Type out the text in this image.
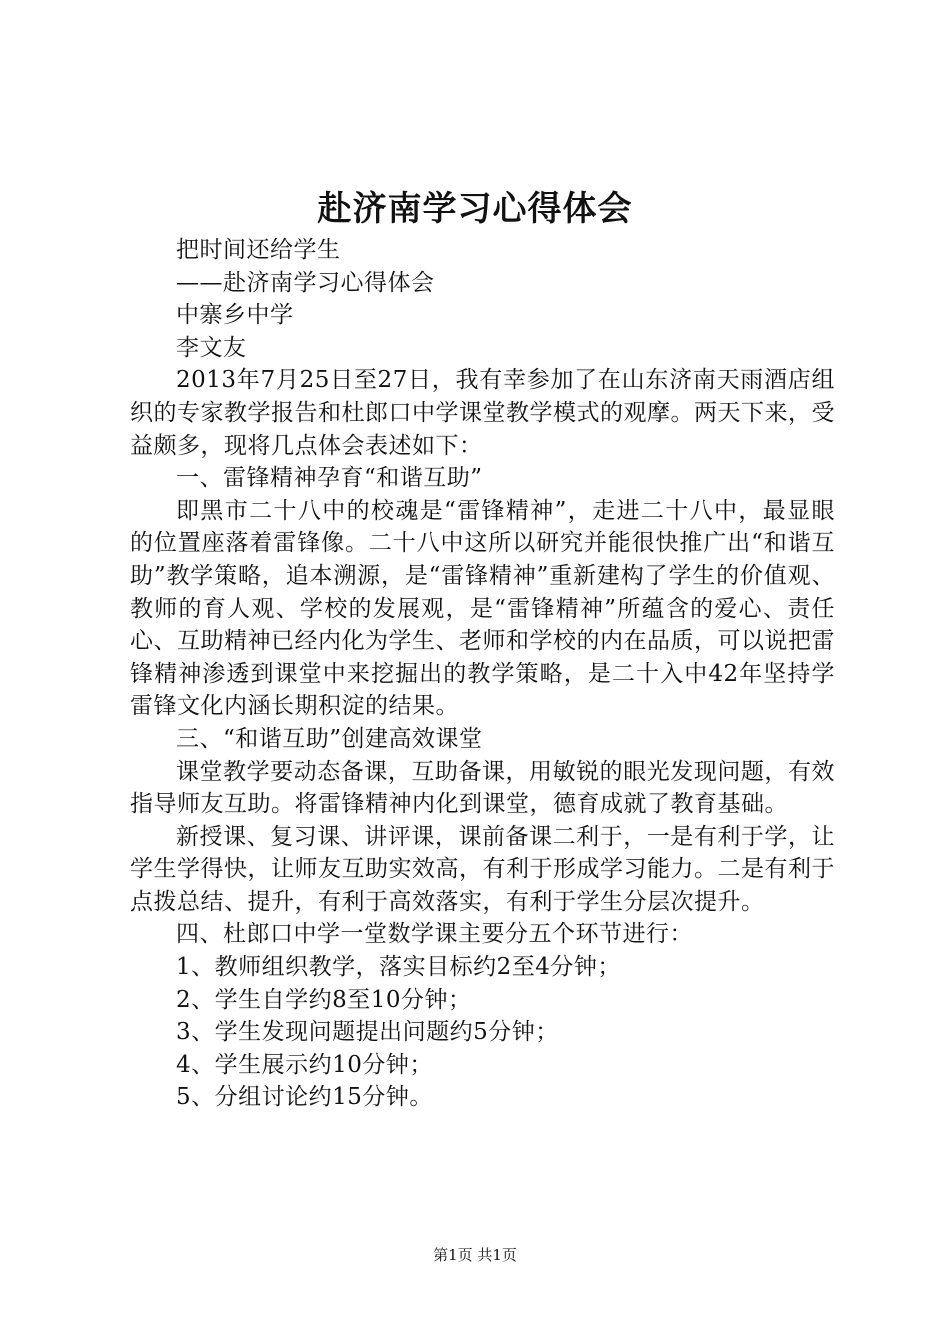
赴济南学习心得体会

把时间还给学生

——赴济南学习心得体会

中寨乡中学

李文友

2013年7月25日至27日，我有幸参加了在山东济南天雨酒店组织的专家教学报告和杜郎口中学课堂教学模式的观摩。两天下来，受益颇多，现将几点体会表述如下：

一、雷锋精神孕育“和谐互助”

即黑市二十八中的校魂是“雷锋精神”，走进二十八中，最显眼的位置座落着雷锋像。二十八中这所以研究并能很快推广出“和谐互助”教学策略，追本溯源，是“雷锋精神”重新建构了学生的价值观、教师的育人观、学校的发展观，是“雷锋精神”所蕴含的爱心、责任心、互助精神已经内化为学生、老师和学校的内在品质，可以说把雷锋精神渗透到课堂中来挖掘出的教学策略，是二十入中42年坚持学雷锋文化内涵长期积淀的结果。

三、“和谐互助”创建高效课堂

课堂教学要动态备课，互助备课，用敏锐的眼光发现问题，有效指导师友互助。将雷锋精神内化到课堂，德育成就了教育基础。

新授课、复习课、讲评课，课前备课二利于，一是有利于学，让学生学得快，让师友互助实效高，有利于形成学习能力。二是有利于点拨总结、提升，有利于高效落实，有利于学生分层次提升。

四、杜郎口中学一堂数学课主要分五个环节进行：

1、教师组织教学，落实目标约2至4分钟；

2、学生自学约8至10分钟；

3、学生发现问题提出问题约5分钟；

4、学生展示约10分钟；

5、分组讨论约15分钟。

第1页 共1页
